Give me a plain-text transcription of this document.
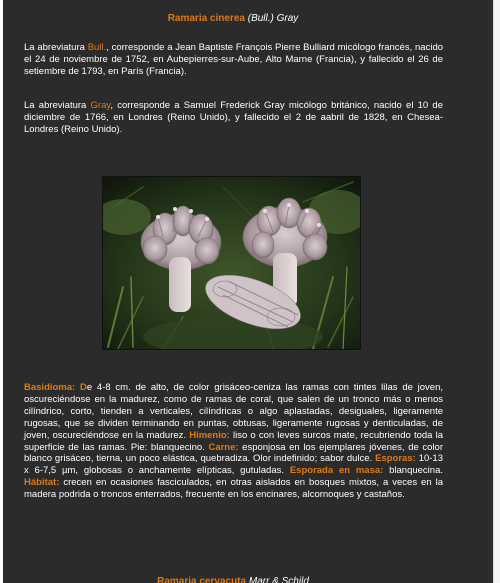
Ramaria cinerea (Bull.) Gray

La abreviatura Bull., corresponde a Jean Baptiste François Pierre Bulliard micólogo francés, nacido el 24 de noviembre de 1752, en Aubepierres-sur-Aube, Alto Marne (Francia), y fallecido el 26 de setiembre de 1793, en París (Francia).

La abreviatura Gray, corresponde a Samuel Frederick Gray micólogo británico, nacido el 10 de diciembre de 1766, en Londres (Reino Unido), y fallecido el 2 de aabril de 1828, en Chesea-Londres (Reino Unido).

Basidioma: De 4-8 cm. de alto, de color grisáceo-ceniza las ramas con tintes lilas de joven, oscureciéndose en la madurez, como de ramas de coral, que salen de un tronco más o menos cilíndrico, corto, tienden a verticales, cilíndricas o algo aplastadas, desiguales, ligeramente rugosas, que se dividen terminando en puntas, obtusas, ligeramente rugosas y denticuladas, de joven, oscureciéndose en la madurez. Himenio: liso o con leves surcos mate, recubriendo toda la superficie de las ramas. Pie: blanquecino. Carne: esponjosa en los ejemplares jóvenes, de color blanco grisáceo, tierna, un poco elástica, quebradiza. Olor indefinido; sabor dulce. Esporas: 10-13 x 6-7,5 µm, globosas o anchamente elípticas, gutuladas. Esporada en masa: blanquecina. Hábitat: crecen en ocasiones fasciculados, en otras aislados en bosques mixtos, a veces en la madera podrida o troncos enterrados, frecuente en los encinares, alcornoques y castaños.

Ramaria cervacuta Marr & Schild
